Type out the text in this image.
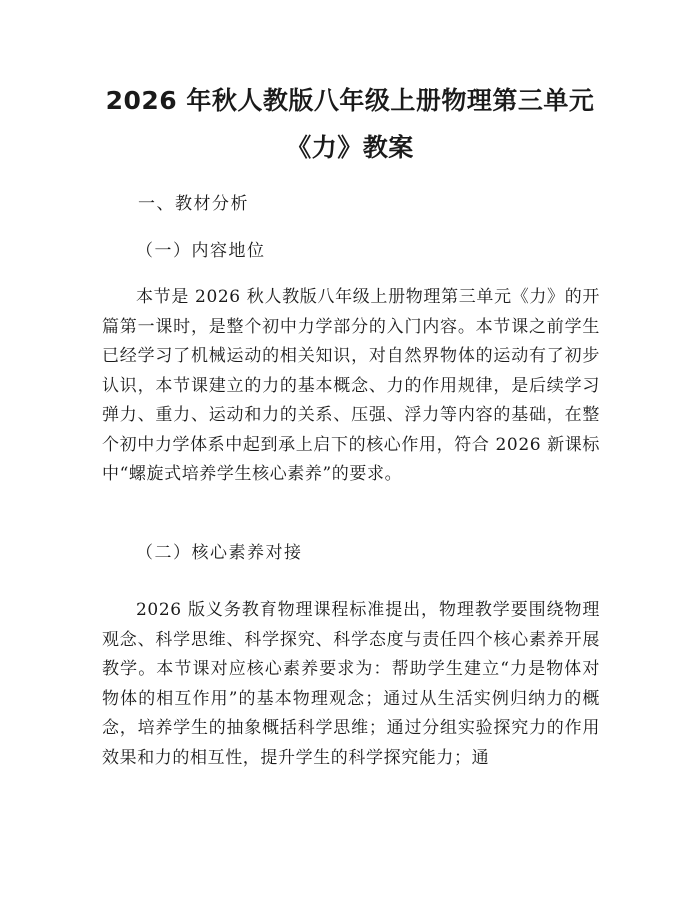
2026 年秋人教版八年级上册物理第三单元
《力》教案
一、教材分析
（一）内容地位

本节是 2026 秋人教版八年级上册物理第三单元《力》的开篇第一课时，是整个初中力学部分的入门内容。本节课之前学生已经学习了机械运动的相关知识，对自然界物体的运动有了初步认识，本节课建立的力的基本概念、力的作用规律，是后续学习弹力、重力、运动和力的关系、压强、浮力等内容的基础，在整个初中力学体系中起到承上启下的核心作用，符合 2026 新课标中“螺旋式培养学生核心素养”的要求。

（二）核心素养对接

2026 版义务教育物理课程标准提出，物理教学要围绕物理观念、科学思维、科学探究、科学态度与责任四个核心素养开展教学。本节课对应核心素养要求为：帮助学生建立“力是物体对物体的相互作用”的基本物理观念；通过从生活实例归纳力的概念，培养学生的抽象概括科学思维；通过分组实验探究力的作用效果和力的相互性，提升学生的科学探究能力；通
